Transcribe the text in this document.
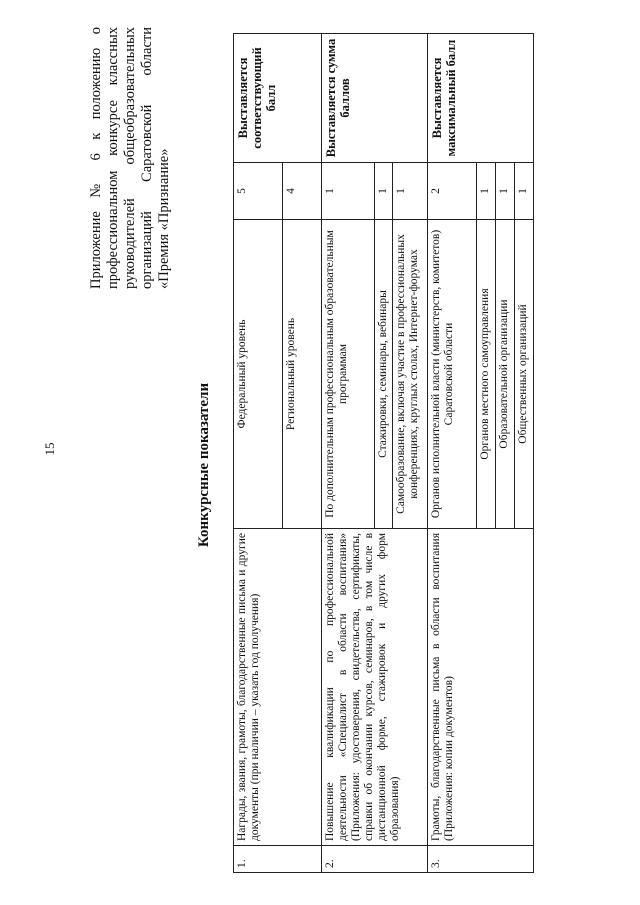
15
Приложение № 6 к положению о профессиональном конкурсе классных руководителей общеобразовательных организаций Саратовской области «Премия «Признание»
Конкурсные показатели
1.	Награды, звания, грамоты, благодарственные письма и другие документы (при наличии – указать год получения)	Федеральный уровень	5	Выставляется соответствующий балл
		Региональный уровень	4	
2.	Повышение квалификации по профессиональной деятельности «Специалист в области воспитания» (Приложения: удостоверения, свидетельства, сертификаты, справки об окончании курсов, семинаров, в том числе в дистанционной форме, стажировок и других форм образования)	По дополнительным профессиональным образовательным программам	1	Выставляется сумма баллов
		Стажировки, семинары, вебинары	1	
		Самообразование, включая участие в профессиональных конференциях, круглых столах, Интернет-форумах	1	
3.	Грамоты, благодарственные письма в области воспитания (Приложения: копии документов)	Органов исполнительной власти (министерств, комитетов) Саратовской области	2	Выставляется максимальный балл
		Органов местного самоуправления	1	
		Образовательной организации	1	
		Общественных организаций	1	
